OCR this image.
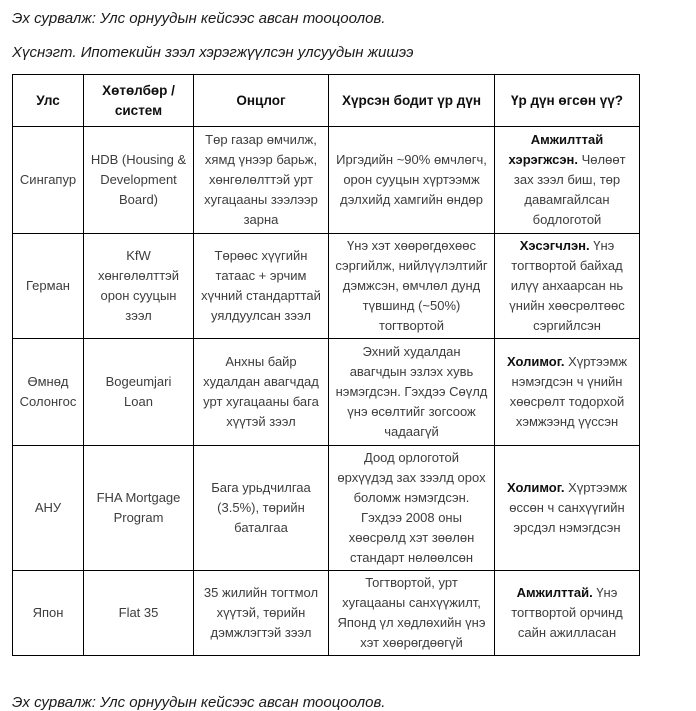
Эх сурвалж: Улс орнуудын кейсээс авсан тооцоолов.

Хүснэгт. Ипотекийн зээл хэрэгжүүлсэн улсуудын жишээ

Улс	Хөтөлбөр / систем	Онцлог	Хүрсэн бодит үр дүн	Үр дүн өгсөн үү?
Сингапур	HDB (Housing & Development Board)	Төр газар өмчилж, хямд үнээр барьж, хөнгөлөлттэй урт хугацааны зээлээр зарна	Иргэдийн ~90% өмчлөгч, орон сууцын хүртээмж дэлхийд хамгийн өндөр	Амжилттай хэрэгжсэн. Чөлөөт зах зээл биш, төр давамгайлсан бодлоготой
Герман	KfW хөнгөлөлттэй орон сууцын зээл	Төрөөс хүүгийн татаас + эрчим хүчний стандарттай уялдуулсан зээл	Үнэ хэт хөөрөгдөхөөс сэргийлж, нийлүүлэлтийг дэмжсэн, өмчлөл дунд түвшинд (~50%) тогтвортой	Хэсэгчлэн. Үнэ тогтвортой байхад илүү анхаарсан нь үнийн хөөсрөлтөөс сэргийлсэн
Өмнөд Солонгос	Bogeumjari Loan	Анхны байр худалдан авагчдад урт хугацааны бага хүүтэй зээл	Эхний худалдан авагчдын эзлэх хувь нэмэгдсэн. Гэхдээ Сөүлд үнэ өсөлтийг зогсоож чадаагүй	Холимог. Хүртээмж нэмэгдсэн ч үнийн хөөсрөлт тодорхой хэмжээнд үүссэн
АНУ	FHA Mortgage Program	Бага урьдчилгаа (3.5%), төрийн баталгаа	Доод орлоготой өрхүүдэд зах зээлд орох боломж нэмэгдсэн. Гэхдээ 2008 оны хөөсрөлд хэт зөөлөн стандарт нөлөөлсөн	Холимог. Хүртээмж өссөн ч санхүүгийн эрсдэл нэмэгдсэн
Япон	Flat 35	35 жилийн тогтмол хүүтэй, төрийн дэмжлэгтэй зээл	Тогтвортой, урт хугацааны санхүүжилт, Японд үл хөдлөхийн үнэ хэт хөөрөгдөөгүй	Амжилттай. Үнэ тогтвортой орчинд сайн ажилласан

Эх сурвалж: Улс орнуудын кейсээс авсан тооцоолов.
